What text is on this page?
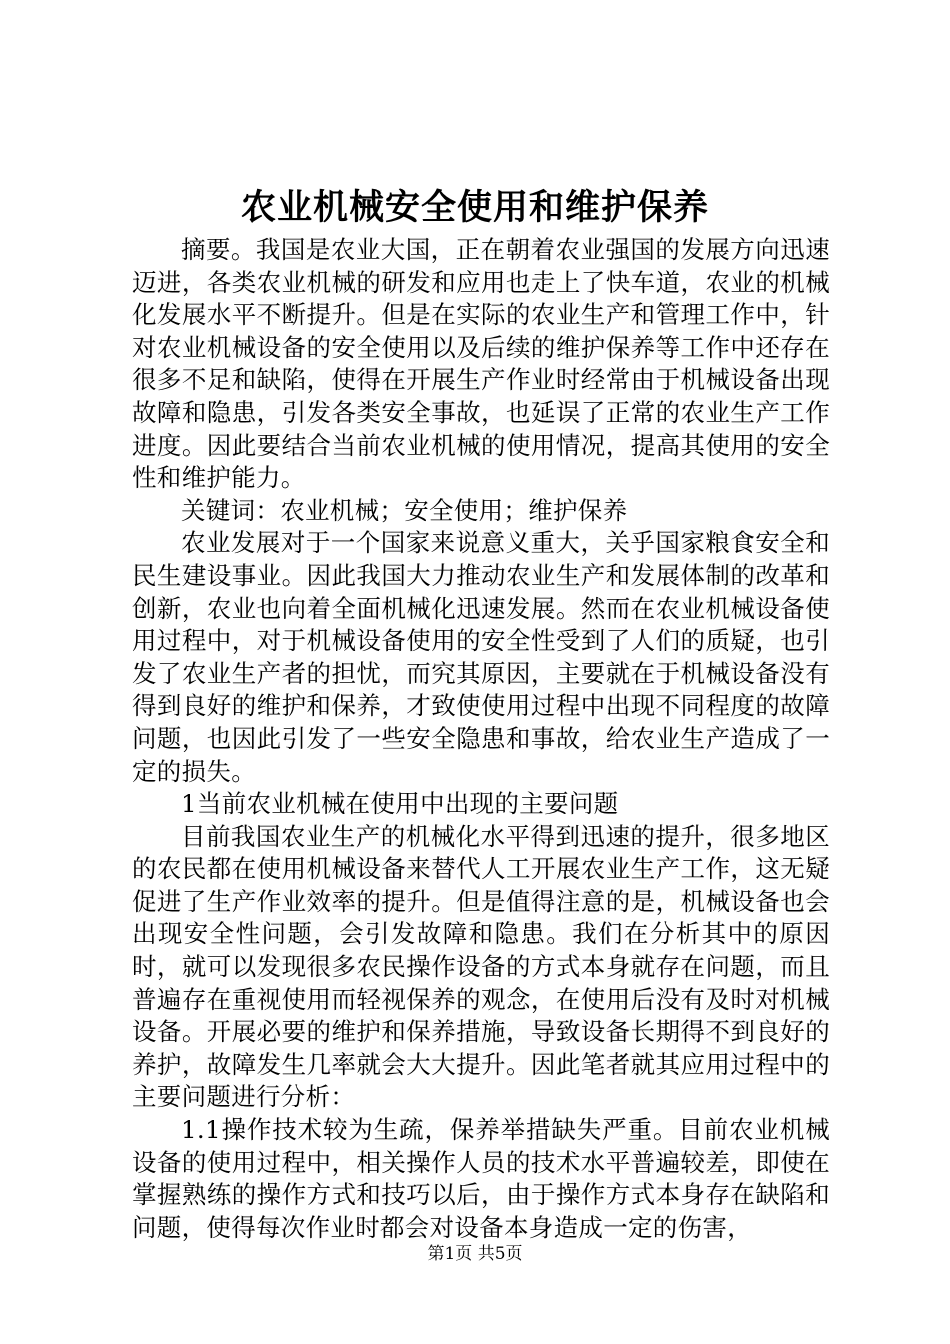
农业机械安全使用和维护保养

摘要。我国是农业大国，正在朝着农业强国的发展方向迅速迈进，各类农业机械的研发和应用也走上了快车道，农业的机械化发展水平不断提升。但是在实际的农业生产和管理工作中，针对农业机械设备的安全使用以及后续的维护保养等工作中还存在很多不足和缺陷，使得在开展生产作业时经常由于机械设备出现故障和隐患，引发各类安全事故，也延误了正常的农业生产工作进度。因此要结合当前农业机械的使用情况，提高其使用的安全性和维护能力。

关键词：农业机械；安全使用；维护保养

农业发展对于一个国家来说意义重大，关乎国家粮食安全和民生建设事业。因此我国大力推动农业生产和发展体制的改革和创新，农业也向着全面机械化迅速发展。然而在农业机械设备使用过程中，对于机械设备使用的安全性受到了人们的质疑，也引发了农业生产者的担忧，而究其原因，主要就在于机械设备没有得到良好的维护和保养，才致使使用过程中出现不同程度的故障问题，也因此引发了一些安全隐患和事故，给农业生产造成了一定的损失。

1当前农业机械在使用中出现的主要问题

目前我国农业生产的机械化水平得到迅速的提升，很多地区的农民都在使用机械设备来替代人工开展农业生产工作，这无疑促进了生产作业效率的提升。但是值得注意的是，机械设备也会出现安全性问题，会引发故障和隐患。我们在分析其中的原因时，就可以发现很多农民操作设备的方式本身就存在问题，而且普遍存在重视使用而轻视保养的观念，在使用后没有及时对机械设备。开展必要的维护和保养措施，导致设备长期得不到良好的养护，故障发生几率就会大大提升。因此笔者就其应用过程中的主要问题进行分析：

1.1操作技术较为生疏，保养举措缺失严重。目前农业机械设备的使用过程中，相关操作人员的技术水平普遍较差，即使在掌握熟练的操作方式和技巧以后，由于操作方式本身存在缺陷和问题，使得每次作业时都会对设备本身造成一定的伤害，

第1页 共5页
